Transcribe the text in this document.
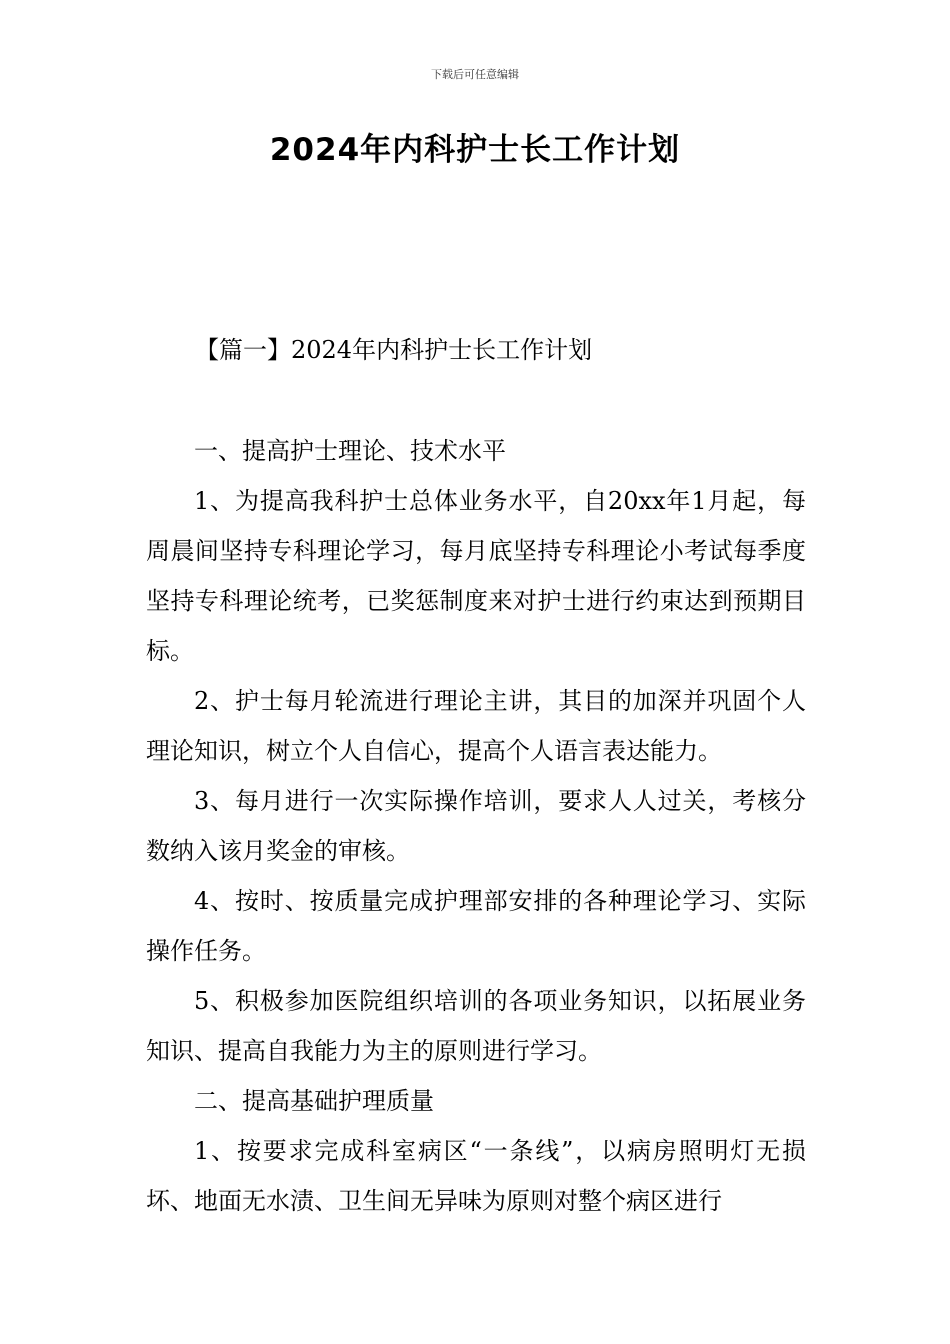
下载后可任意编辑
2024年内科护士长工作计划
【篇一】2024年内科护士长工作计划

一、提高护士理论、技术水平

1、为提高我科护士总体业务水平，自20xx年1月起，每周晨间坚持专科理论学习，每月底坚持专科理论小考试每季度坚持专科理论统考，已奖惩制度来对护士进行约束达到预期目标。

2、护士每月轮流进行理论主讲，其目的加深并巩固个人理论知识，树立个人自信心，提高个人语言表达能力。

3、每月进行一次实际操作培训，要求人人过关，考核分数纳入该月奖金的审核。

4、按时、按质量完成护理部安排的各种理论学习、实际操作任务。

5、积极参加医院组织培训的各项业务知识，以拓展业务知识、提高自我能力为主的原则进行学习。

二、提高基础护理质量

1、按要求完成科室病区“一条线”，以病房照明灯无损坏、地面无水渍、卫生间无异味为原则对整个病区进行
